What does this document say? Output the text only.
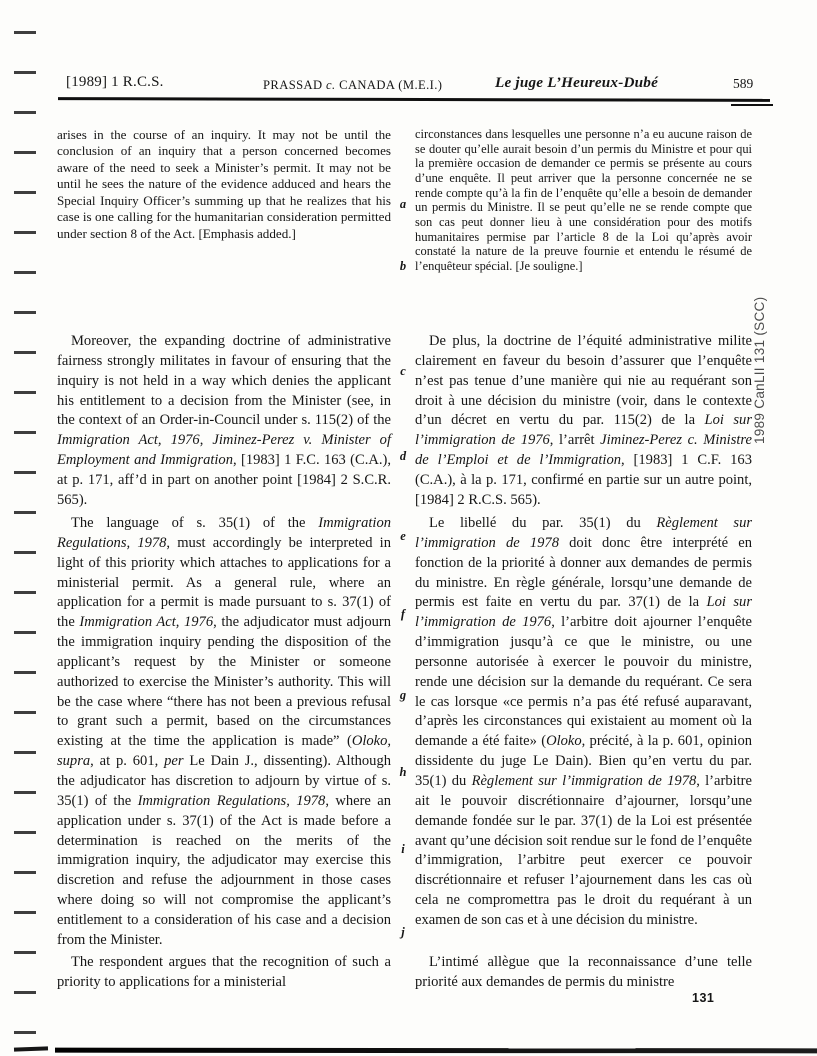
[1989] 1 R.C.S.	PRASSAD c. CANADA (M.E.I.)	Le juge L’Heureux-Dubé	589
arises in the course of an inquiry. It may not be until the conclusion of an inquiry that a person concerned becomes aware of the need to seek a Minister’s permit. It may not be until he sees the nature of the evidence adduced and hears the Special Inquiry Officer’s summing up that he realizes that his case is one calling for the humanitarian consideration permitted under section 8 of the Act. [Emphasis added.]
Moreover, the expanding doctrine of administrative fairness strongly militates in favour of ensuring that the inquiry is not held in a way which denies the applicant his entitlement to a decision from the Minister (see, in the context of an Order-in-Council under s. 115(2) of the Immigration Act, 1976, Jiminez-Perez v. Minister of Employment and Immigration, [1983] 1 F.C. 163 (C.A.), at p. 171, aff’d in part on another point [1984] 2 S.C.R. 565).
The language of s. 35(1) of the Immigration Regulations, 1978, must accordingly be interpreted in light of this priority which attaches to applications for a ministerial permit. As a general rule, where an application for a permit is made pursuant to s. 37(1) of the Immigration Act, 1976, the adjudicator must adjourn the immigration inquiry pending the disposition of the applicant’s request by the Minister or someone authorized to exercise the Minister’s authority. This will be the case where “there has not been a previous refusal to grant such a permit, based on the circumstances existing at the time the application is made” (Oloko, supra, at p. 601, per Le Dain J., dissenting). Although the adjudicator has discretion to adjourn by virtue of s. 35(1) of the Immigration Regulations, 1978, where an application under s. 37(1) of the Act is made before a determination is reached on the merits of the immigration inquiry, the adjudicator may exercise this discretion and refuse the adjournment in those cases where doing so will not compromise the applicant’s entitlement to a consideration of his case and a decision from the Minister.
The respondent argues that the recognition of such a priority to applications for a ministerial
circonstances dans lesquelles une personne n’a eu aucune raison de se douter qu’elle aurait besoin d’un permis du Ministre et pour qui la première occasion de demander ce permis se présente au cours d’une enquête. Il peut arriver que la personne concernée ne se rende compte qu’à la fin de l’enquête qu’elle a besoin de demander un permis du Ministre. Il se peut qu’elle ne se rende compte que son cas peut donner lieu à une considération pour des motifs humanitaires permise par l’article 8 de la Loi qu’après avoir constaté la nature de la preuve fournie et entendu le résumé de l’enquêteur spécial. [Je souligne.]
De plus, la doctrine de l’équité administrative milite clairement en faveur du besoin d’assurer que l’enquête n’est pas tenue d’une manière qui nie au requérant son droit à une décision du ministre (voir, dans le contexte d’un décret en vertu du par. 115(2) de la Loi sur l’immigration de 1976, l’arrêt Jiminez-Perez c. Ministre de l’Emploi et de l’Immigration, [1983] 1 C.F. 163 (C.A.), à la p. 171, confirmé en partie sur un autre point, [1984] 2 R.C.S. 565).
Le libellé du par. 35(1) du Règlement sur l’immigration de 1978 doit donc être interprété en fonction de la priorité à donner aux demandes de permis du ministre. En règle générale, lorsqu’une demande de permis est faite en vertu du par. 37(1) de la Loi sur l’immigration de 1976, l’arbitre doit ajourner l’enquête d’immigration jusqu’à ce que le ministre, ou une personne autorisée à exercer le pouvoir du ministre, rende une décision sur la demande du requérant. Ce sera le cas lorsque «ce permis n’a pas été refusé auparavant, d’après les circonstances qui existaient au moment où la demande a été faite» (Oloko, précité, à la p. 601, opinion dissidente du juge Le Dain). Bien qu’en vertu du par. 35(1) du Règlement sur l’immigration de 1978, l’arbitre ait le pouvoir discrétionnaire d’ajourner, lorsqu’une demande fondée sur le par. 37(1) de la Loi est présentée avant qu’une décision soit rendue sur le fond de l’enquête d’immigration, l’arbitre peut exercer ce pouvoir discrétionnaire et refuser l’ajournement dans les cas où cela ne compromettra pas le droit du requérant à un examen de son cas et à une décision du ministre.
L’intimé allègue que la reconnaissance d’une telle priorité aux demandes de permis du ministre
a
b
c
d
e
f
g
h
i
j
1989 CanLII 131 (SCC)
131
